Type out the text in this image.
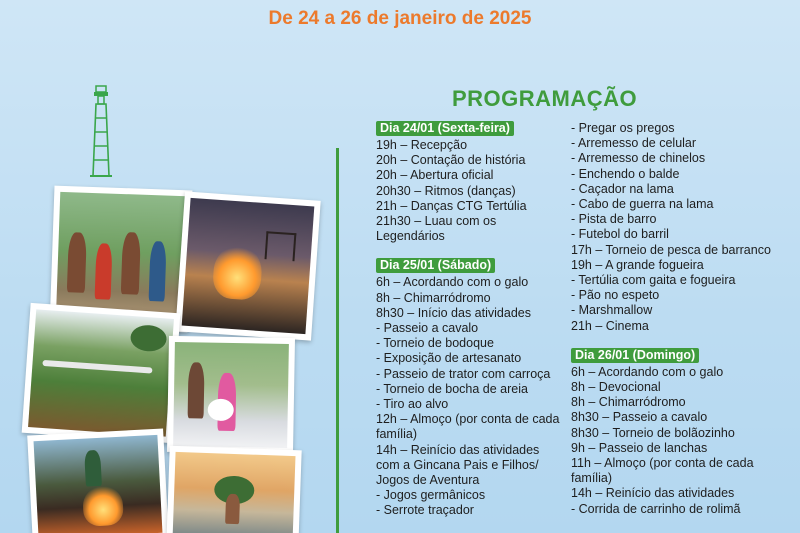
De 24 a 26 de janeiro de 2025
PROGRAMAÇÃO
Dia 24/01 (Sexta-feira)
19h – Recepção
20h – Contação de história
20h – Abertura oficial
20h30 – Ritmos (danças)
21h – Danças CTG Tertúlia
21h30 – Luau com os Legendários
Dia 25/01 (Sábado)
6h – Acordando com o galo
8h – Chimarródromo
8h30 – Início das atividades
- Passeio a cavalo
- Torneio de bodoque
- Exposição de artesanato
- Passeio de trator com carroça
- Torneio de bocha de areia
- Tiro ao alvo
12h – Almoço (por conta de cada família)
14h – Reinício das atividades com a Gincana Pais e Filhos/ Jogos de Aventura
- Jogos germânicos
- Serrote traçador
- Pregar os pregos
- Arremesso de celular
- Arremesso de chinelos
- Enchendo o balde
- Caçador na lama
- Cabo de guerra na lama
- Pista de barro
- Futebol do barril
17h – Torneio de pesca de barranco
19h – A grande fogueira
- Tertúlia com gaita e fogueira
- Pão no espeto
- Marshmallow
21h – Cinema
Dia 26/01 (Domingo)
6h – Acordando com o galo
8h – Devocional
8h – Chimarródromo
8h30 – Passeio a cavalo
8h30 – Torneio de bolãozinho
9h – Passeio de lanchas
11h – Almoço (por conta de cada família)
14h – Reinício das atividades
- Corrida de carrinho de rolimã
